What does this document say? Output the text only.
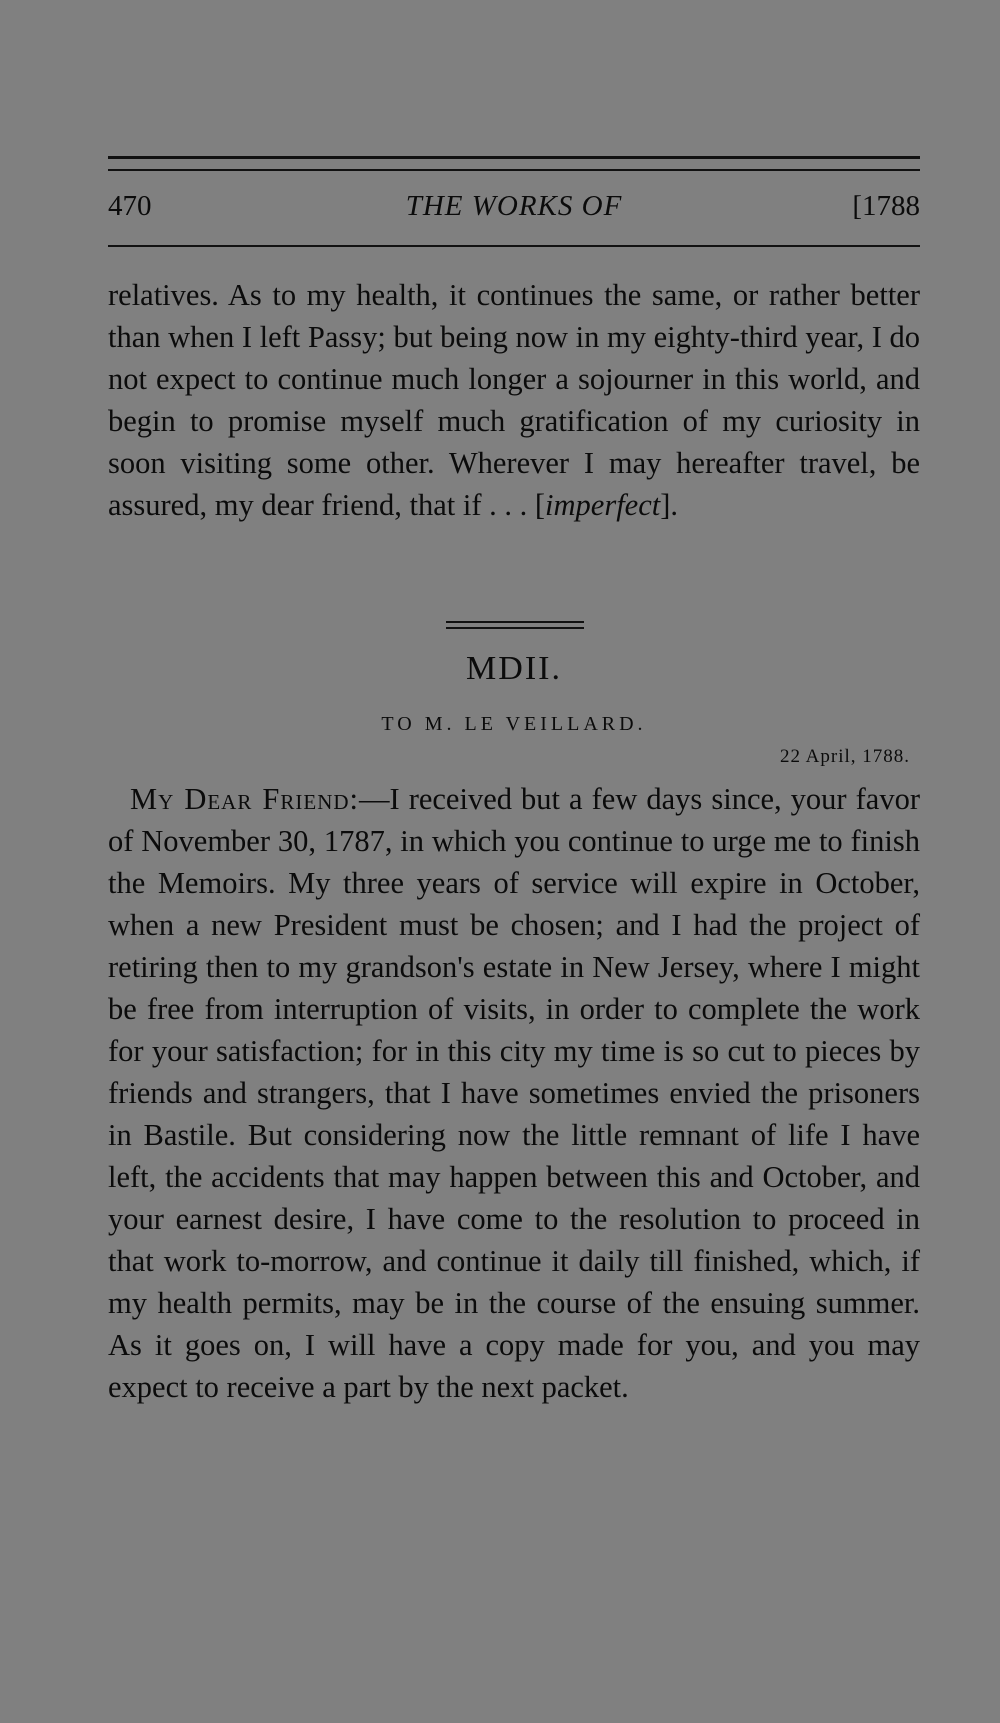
470	THE WORKS OF	[1788

relatives. As to my health, it continues the same, or rather better than when I left Passy; but being now in my eighty-third year, I do not expect to continue much longer a sojourner in this world, and begin to promise myself much gratification of my curiosity in soon visiting some other. Wherever I may hereafter travel, be assured, my dear friend, that if . . . [imperfect].

MDII.

TO M. LE VEILLARD.

22 April, 1788.

My Dear Friend:—I received but a few days since, your favor of November 30, 1787, in which you continue to urge me to finish the Memoirs. My three years of service will expire in October, when a new President must be chosen; and I had the project of retiring then to my grandson's estate in New Jersey, where I might be free from interruption of visits, in order to complete the work for your satisfaction; for in this city my time is so cut to pieces by friends and strangers, that I have sometimes envied the prisoners in Bastile. But considering now the little remnant of life I have left, the accidents that may happen between this and October, and your earnest desire, I have come to the resolution to proceed in that work to-morrow, and continue it daily till finished, which, if my health permits, may be in the course of the ensuing summer. As it goes on, I will have a copy made for you, and you may expect to receive a part by the next packet.
